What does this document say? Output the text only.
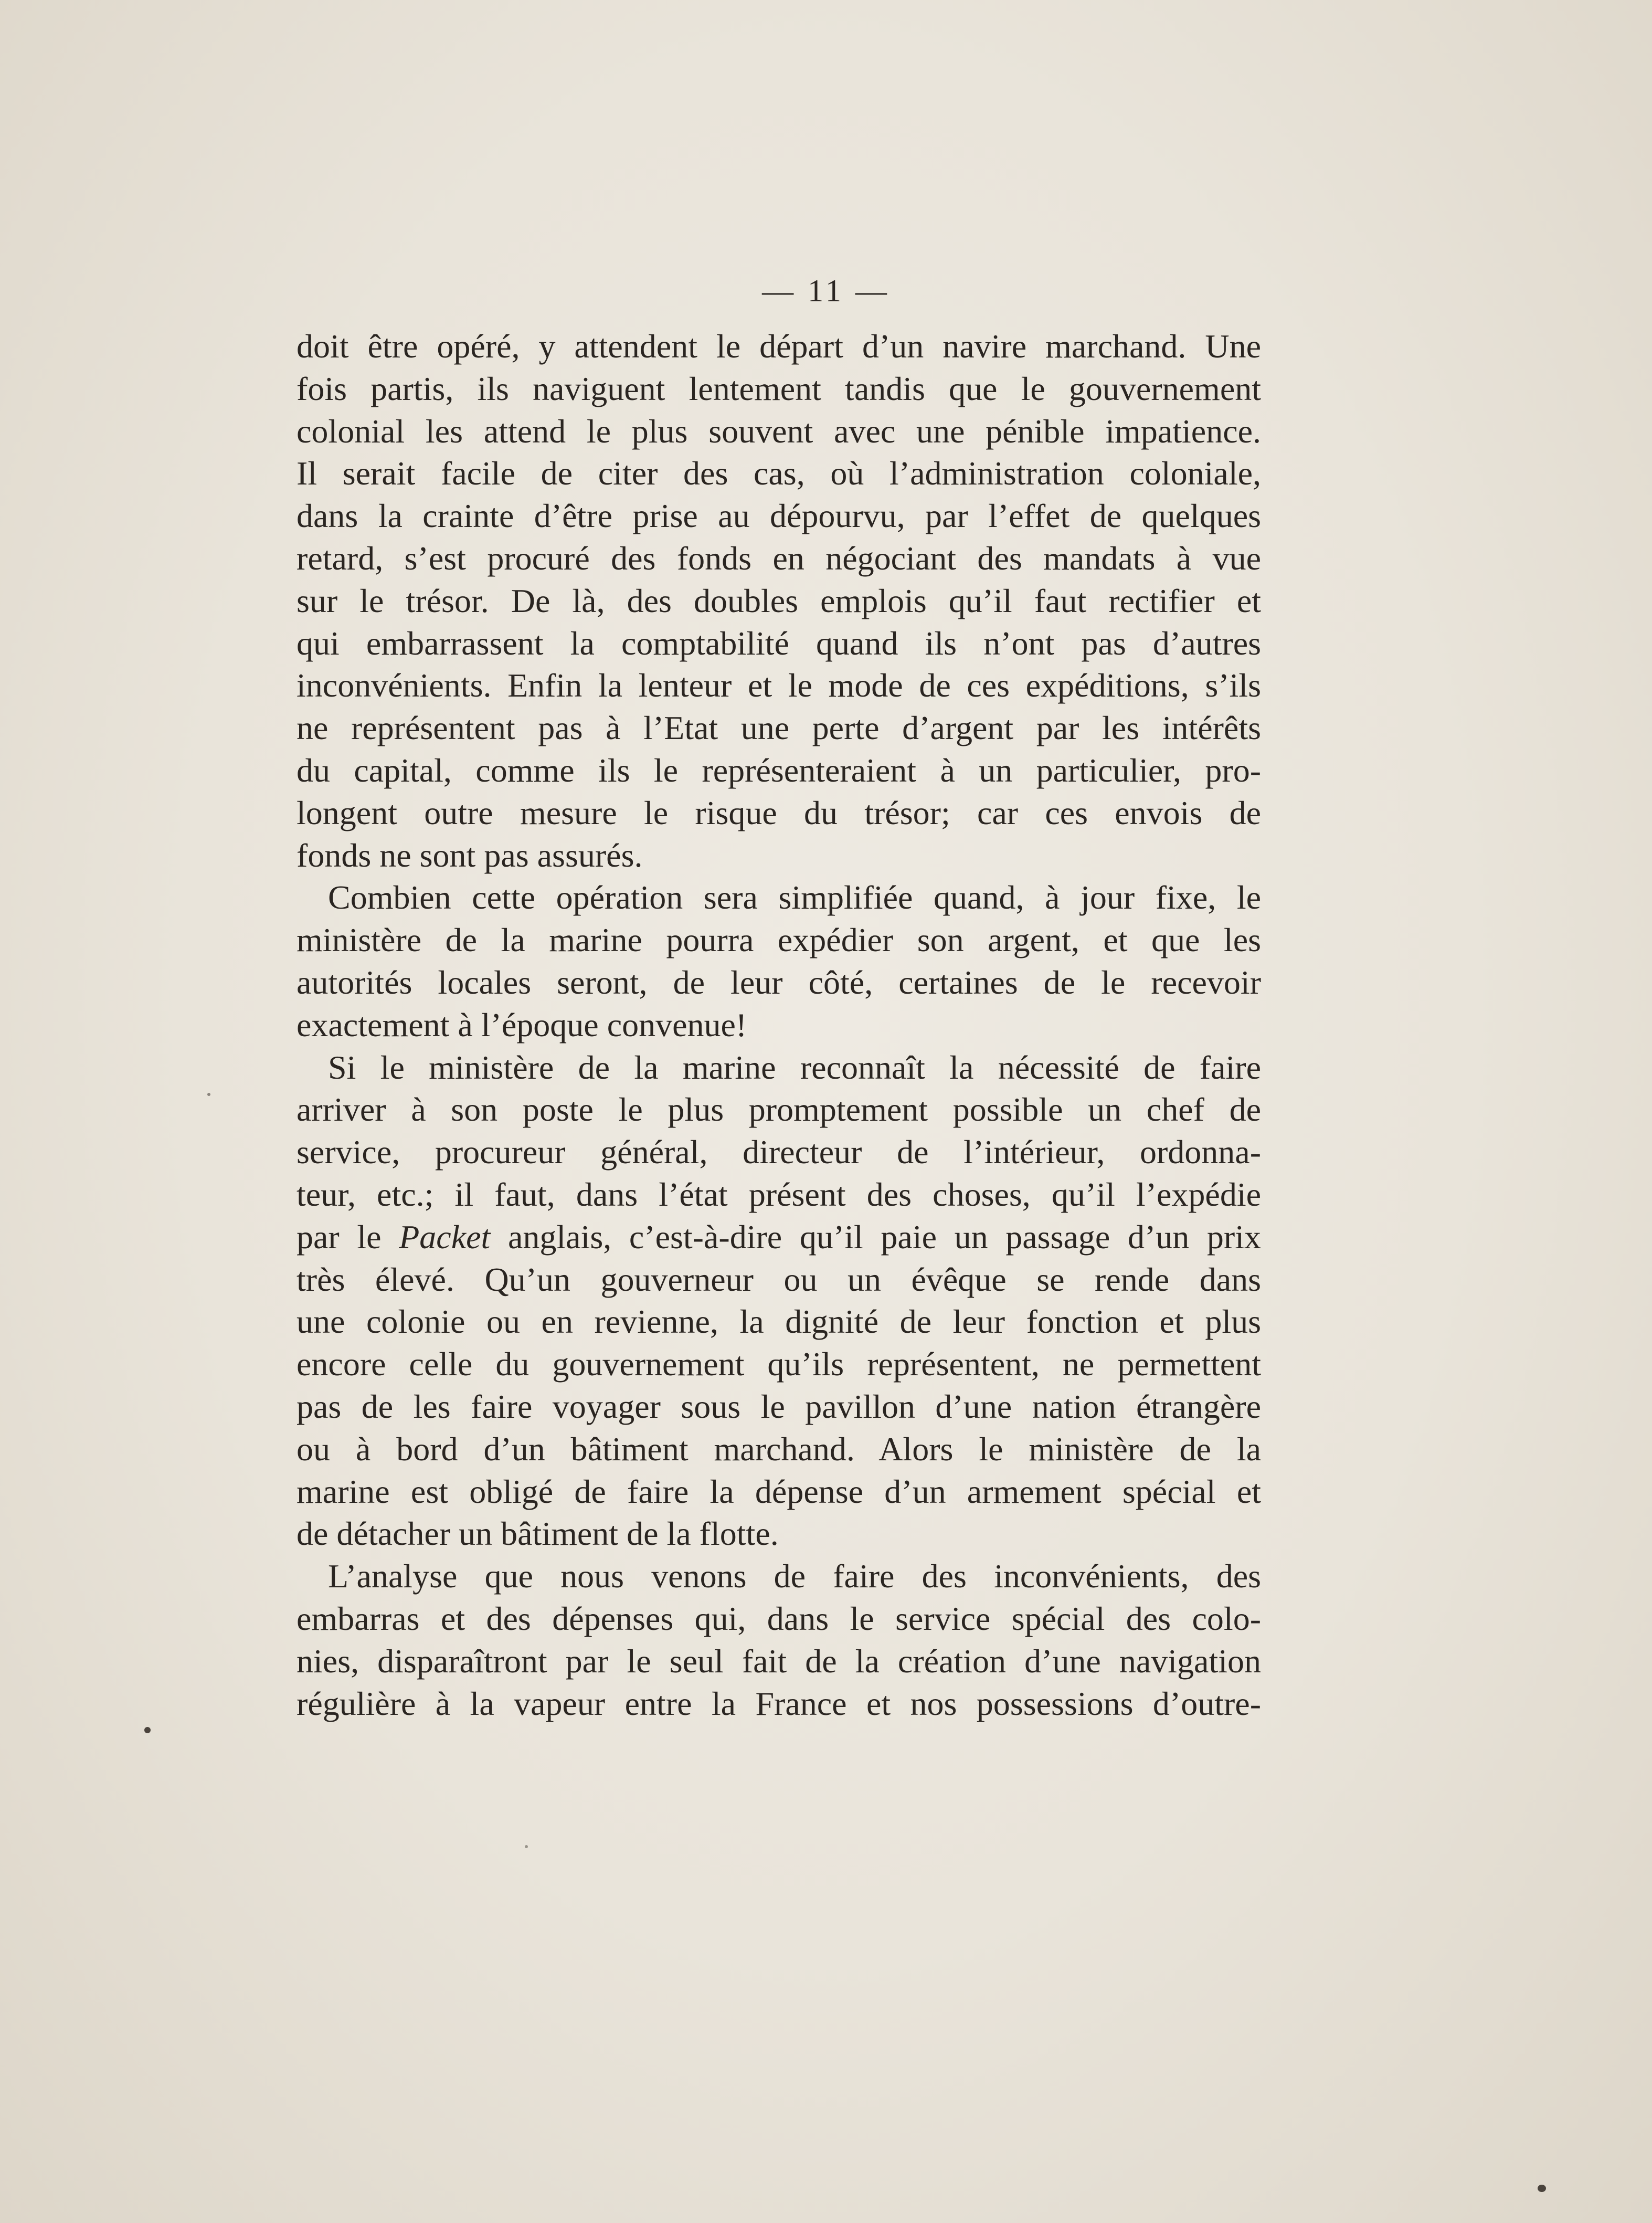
— 11 —
doit être opéré, y attendent le départ d’un navire marchand. Une
fois partis, ils naviguent lentement tandis que le gouvernement
colonial les attend le plus souvent avec une pénible impatience.
Il serait facile de citer des cas, où l’administration coloniale,
dans la crainte d’être prise au dépourvu, par l’effet de quelques
retard, s’est procuré des fonds en négociant des mandats à vue
sur le trésor. De là, des doubles emplois qu’il faut rectifier et
qui embarrassent la comptabilité quand ils n’ont pas d’autres
inconvénients. Enfin la lenteur et le mode de ces expéditions, s’ils
ne représentent pas à l’Etat une perte d’argent par les intérêts
du capital, comme ils le représenteraient à un particulier, pro-
longent outre mesure le risque du trésor; car ces envois de
fonds ne sont pas assurés.
Combien cette opération sera simplifiée quand, à jour fixe, le
ministère de la marine pourra expédier son argent, et que les
autorités locales seront, de leur côté, certaines de le recevoir
exactement à l’époque convenue!
Si le ministère de la marine reconnaît la nécessité de faire
arriver à son poste le plus promptement possible un chef de
service, procureur général, directeur de l’intérieur, ordonna-
teur, etc.; il faut, dans l’état présent des choses, qu’il l’expédie
par le Packet anglais, c’est-à-dire qu’il paie un passage d’un prix
très élevé. Qu’un gouverneur ou un évêque se rende dans
une colonie ou en revienne, la dignité de leur fonction et plus
encore celle du gouvernement qu’ils représentent, ne permettent
pas de les faire voyager sous le pavillon d’une nation étrangère
ou à bord d’un bâtiment marchand. Alors le ministère de la
marine est obligé de faire la dépense d’un armement spécial et
de détacher un bâtiment de la flotte.
L’analyse que nous venons de faire des inconvénients, des
embarras et des dépenses qui, dans le service spécial des colo-
nies, disparaîtront par le seul fait de la création d’une navigation
régulière à la vapeur entre la France et nos possessions d’outre-
